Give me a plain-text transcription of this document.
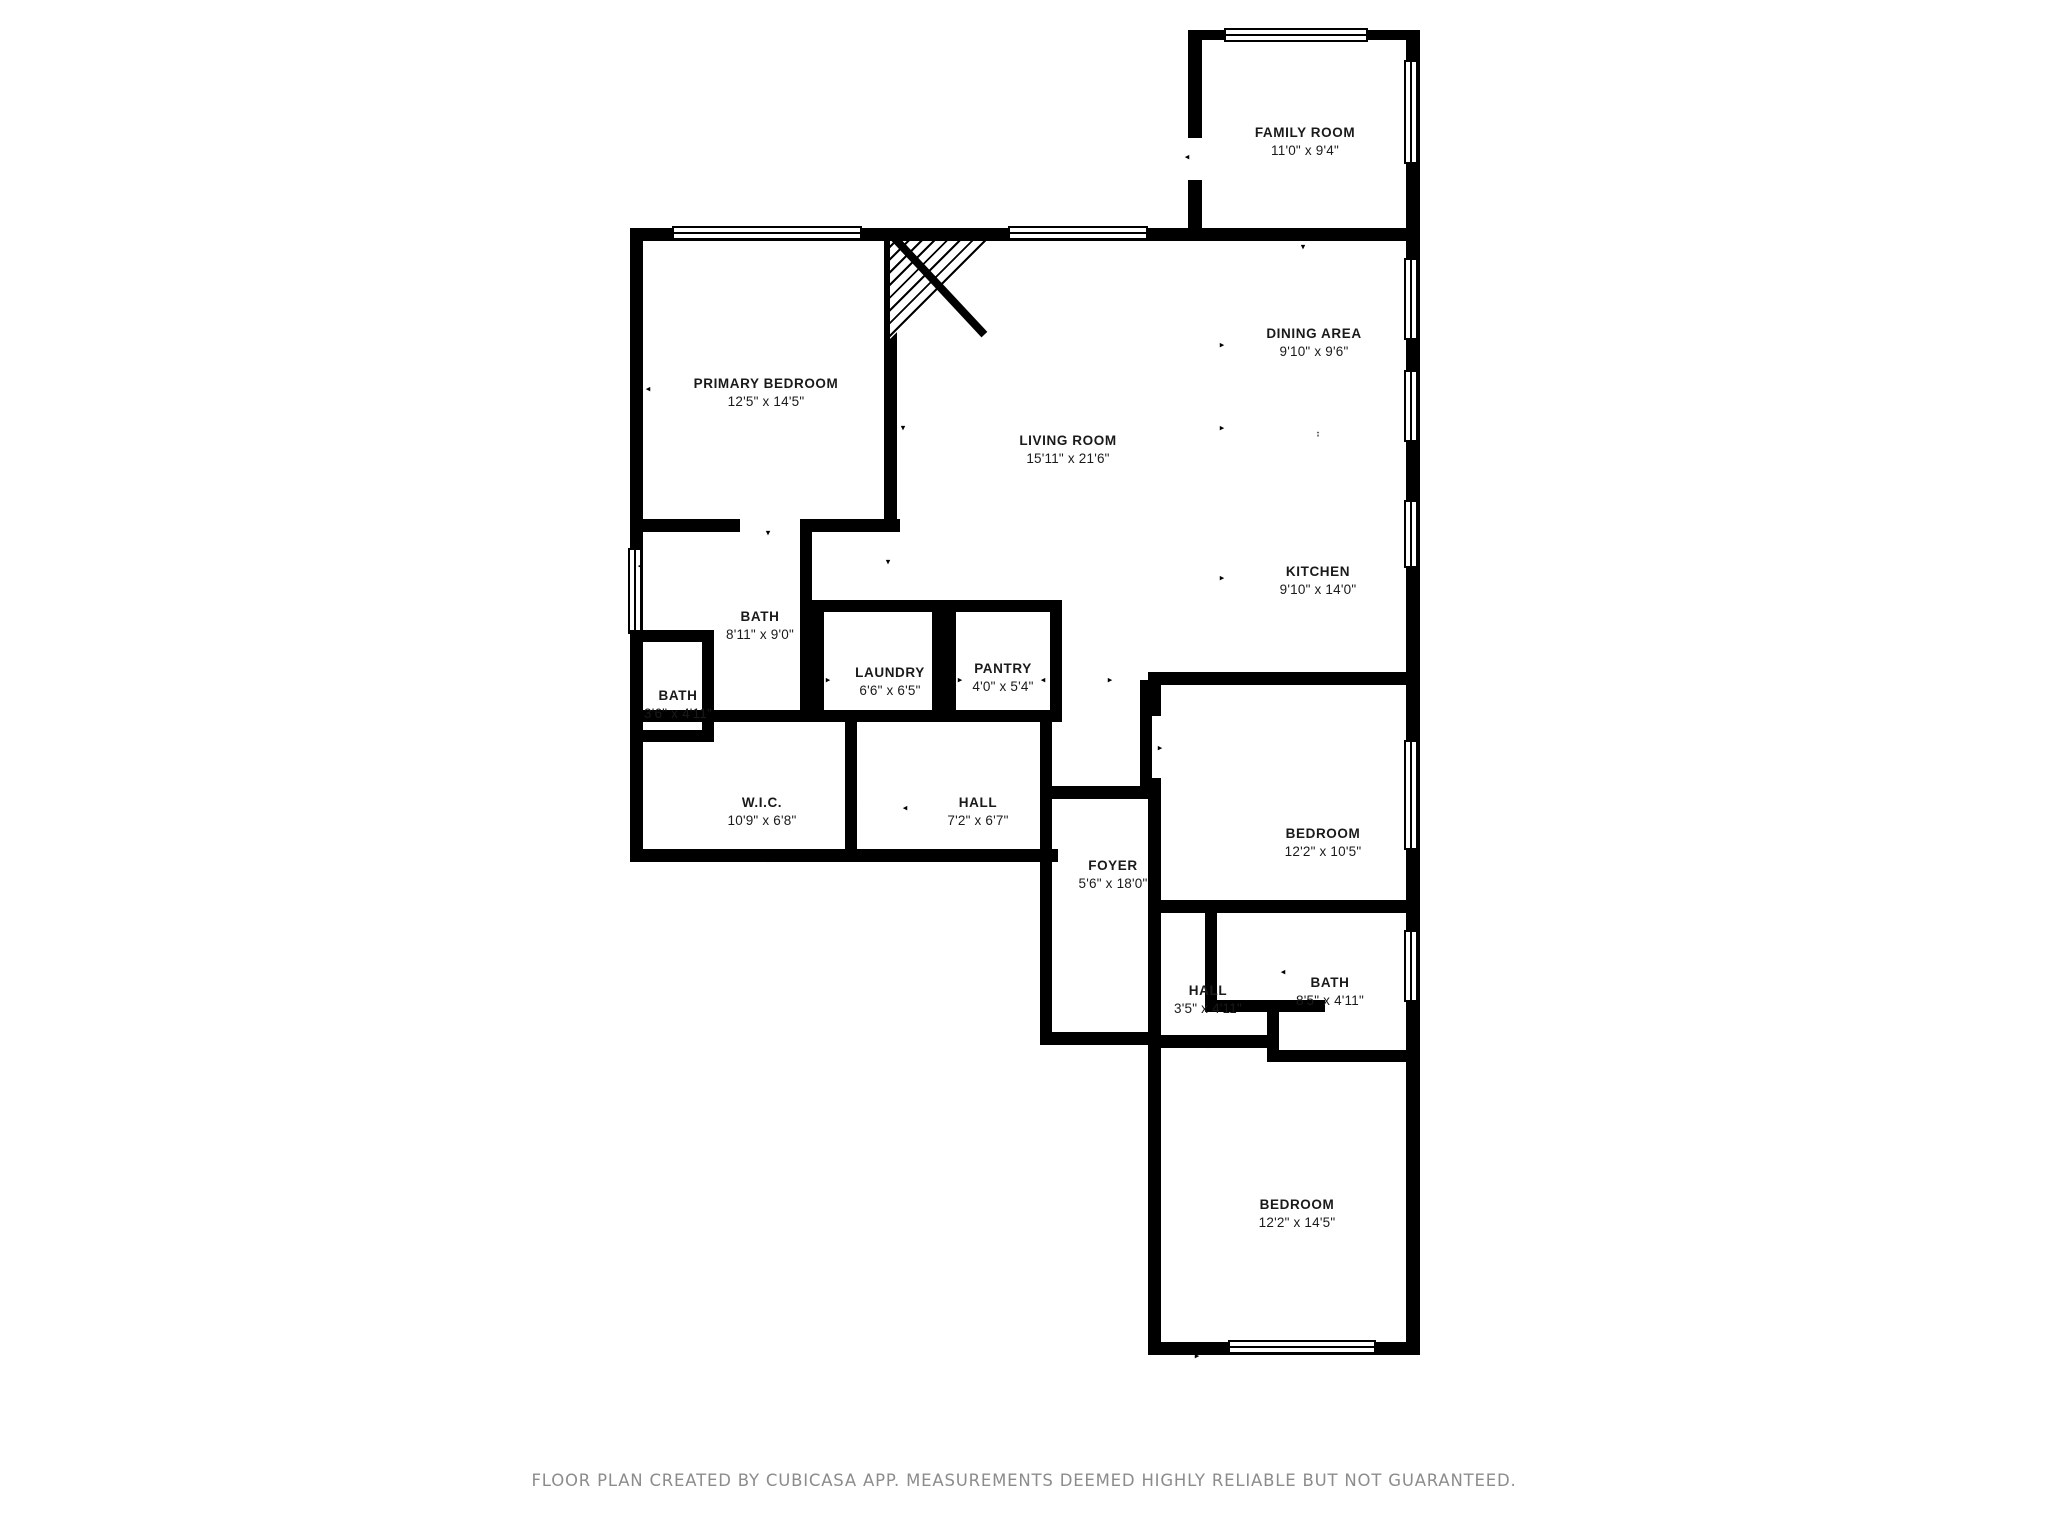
FAMILY ROOM
11'0" x 9'4"
DINING AREA
9'10" x 9'6"
PRIMARY BEDROOM
12'5" x 14'5"
LIVING ROOM
15'11" x 21'6"
KITCHEN
9'10" x 14'0"
BATH
8'11" x 9'0"
LAUNDRY
6'6" x 6'5"
PANTRY
4'0" x 5'4"
BATH
3'6" x 4'11"
W.I.C.
10'9" x 6'8"
HALL
7'2" x 6'7"
BEDROOM
12'2" x 10'5"
FOYER
5'6" x 18'0"
HALL
3'5" x 4'11"
BATH
8'5" x 4'11"
BEDROOM
12'2" x 14'5"
◂
▾
▸
▸
↕
◂
▾
▸
▾
▾
◂
▸	▸	◂
▸	▾
▾
▸	◂	◂
▸
▸
▾
▾
◂
◂
▸
FLOOR PLAN CREATED BY CUBICASA APP. MEASUREMENTS DEEMED HIGHLY RELIABLE BUT NOT GUARANTEED.
